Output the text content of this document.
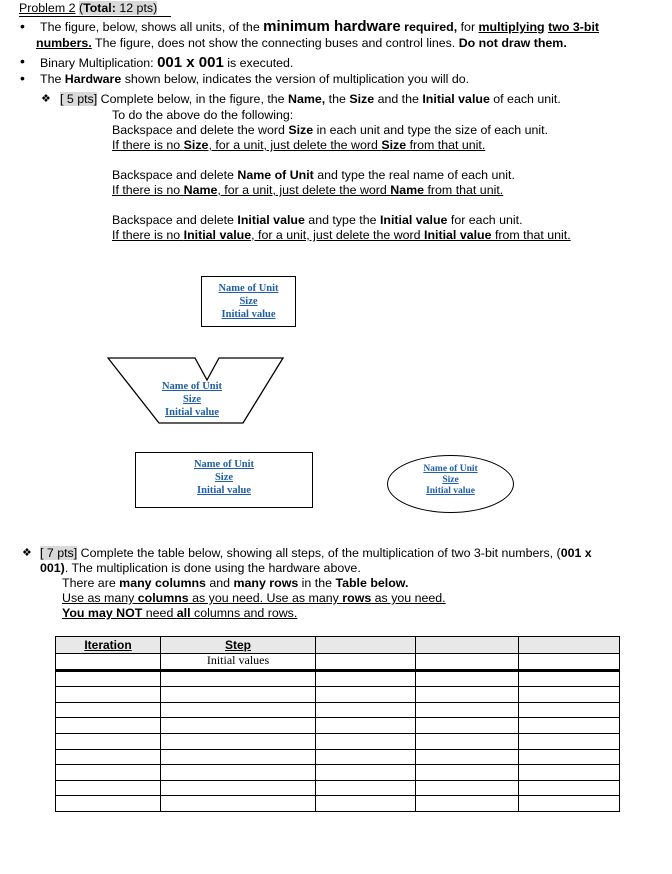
Problem 2 (Total: 12 pts)
• The figure, below, shows all units, of the minimum hardware required, for multiplying two 3-bit
numbers. The figure, does not show the connecting buses and control lines. Do not draw them.
• Binary Multiplication: 001 x 001 is executed.
• The Hardware shown below, indicates the version of multiplication you will do.
❖ [ 5 pts] Complete below, in the figure, the Name, the Size and the Initial value of each unit.
To do the above do the following:
Backspace and delete the word Size in each unit and type the size of each unit.
If there is no Size, for a unit, just delete the word Size from that unit.
Backspace and delete Name of Unit and type the real name of each unit.
If there is no Name, for a unit, just delete the word Name from that unit.
Backspace and delete Initial value and type the Initial value for each unit.
If there is no Initial value, for a unit, just delete the word Initial value from that unit.
Name of Unit
Size
Initial value
Name of Unit
Size
Initial value
Name of Unit
Size
Initial value
Name of Unit
Size
Initial value
❖ [ 7 pts] Complete the table below, showing all steps, of the multiplication of two 3-bit numbers, (001 x
001). The multiplication is done using the hardware above.
There are many columns and many rows in the Table below.
Use as many columns as you need. Use as many rows as you need.
You may NOT need all columns and rows.
Iteration	Step			
	Initial values			
